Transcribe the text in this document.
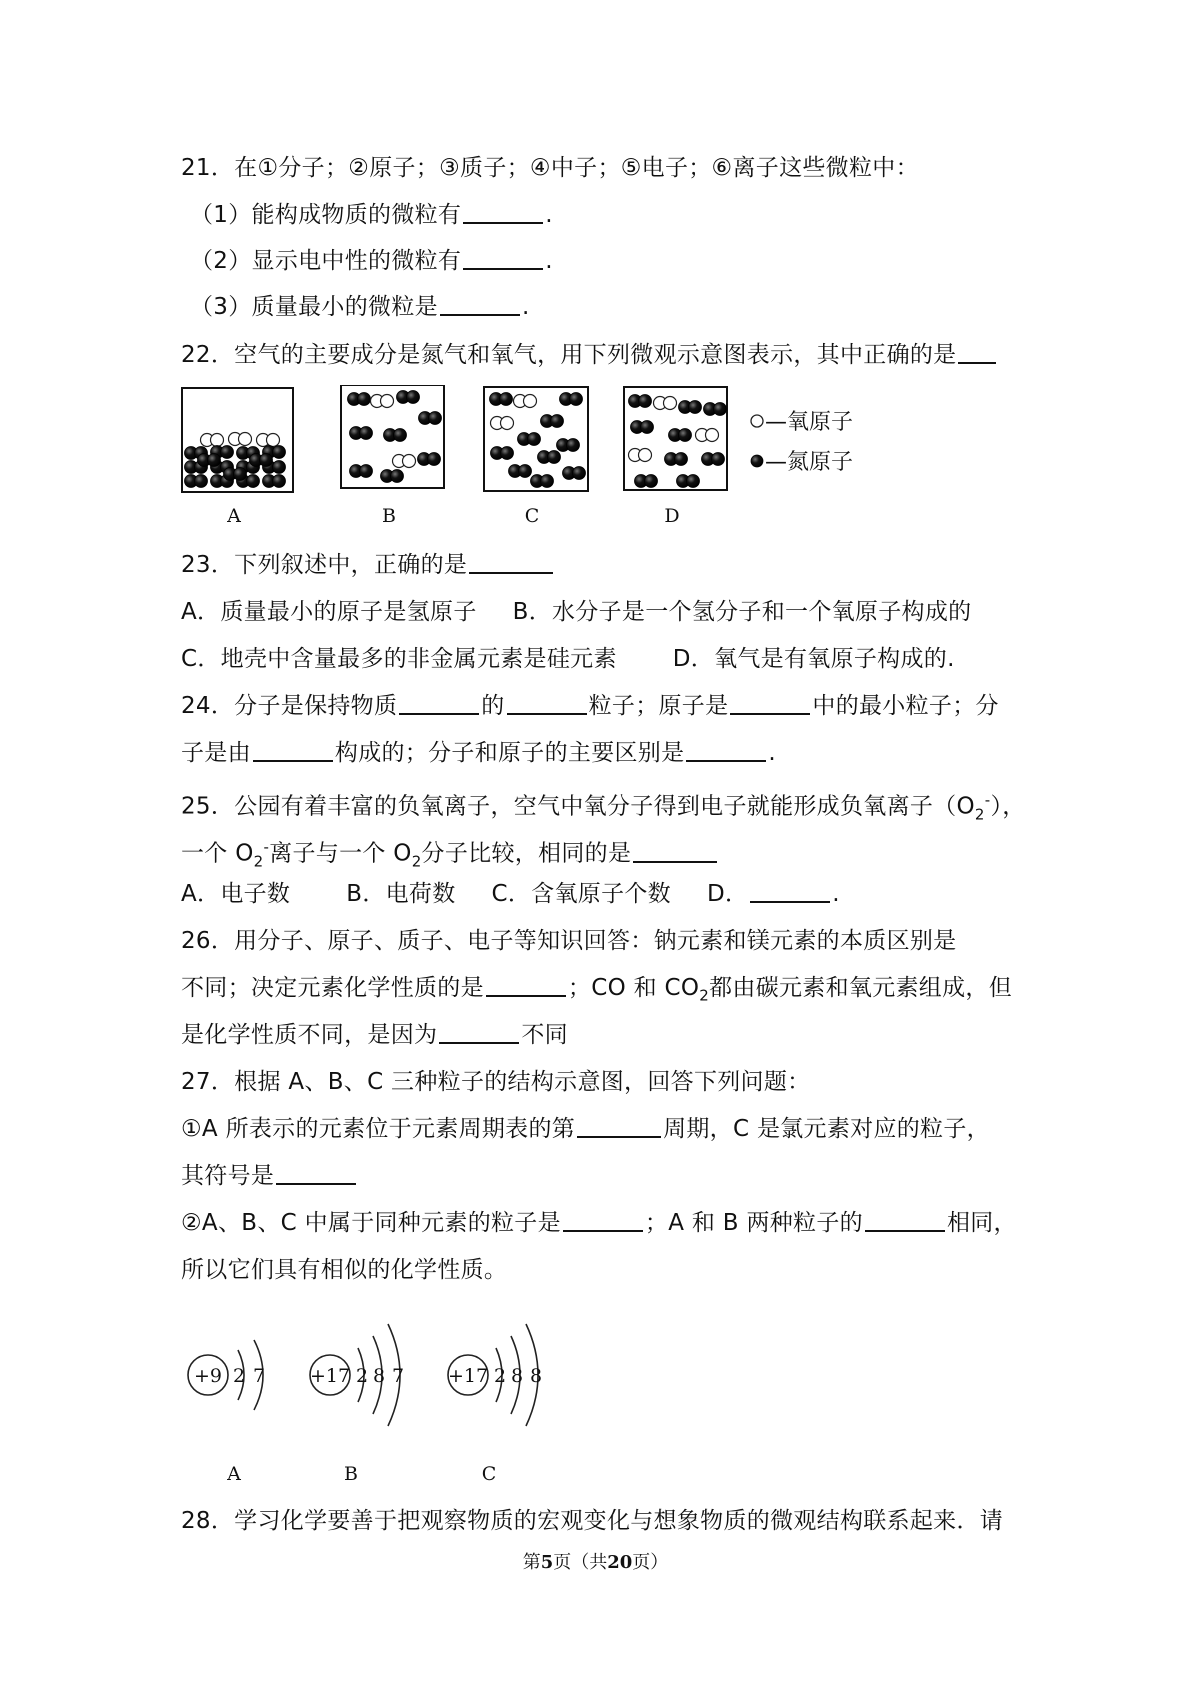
21．在①分子；②原子；③质子；④中子；⑤电子；⑥离子这些微粒中：
（1）能构成物质的微粒有	.
（2）显示电中性的微粒有	.
（3）质量最小的微粒是	.
22．空气的主要成分是氮气和氧气，用下列微观示意图表示，其中正确的是
—氧原子
—氮原子
A	B	C	D
23．下列叙述中，正确的是
A．质量最小的原子是氢原子 B．水分子是一个氢分子和一个氧原子构成的
C．地壳中含量最多的非金属元素是硅元素 D．氧气是有氧原子构成的.
24．分子是保持物质	的	粒子；原子是	中的最小粒子；分
子是由	构成的；分子和原子的主要区别是	.
25．公园有着丰富的负氧离子，空气中氧分子得到电子就能形成负氧离子$(O_2^-)$，
一个 $O_2^-$离子与一个 $O_2$分子比较，相同的是
A．电子数 B．电荷数 C．含氧原子个数 D．	.
26．用分子、原子、质子、电子等知识回答：钠元素和镁元素的本质区别是
不同；决定元素化学性质的是	；CO 和 $CO_2$都由碳元素和氧元素组成，但
是化学性质不同，是因为	不同
27．根据 A、B、C 三种粒子的结构示意图，回答下列问题：
①A 所表示的元素位于元素周期表的第	周期，C 是氯元素对应的粒子，
其符号是
②A、B、C 中属于同种元素的粒子是	；A 和 B 两种粒子的	相同，
所以它们具有相似的化学性质。
+9 2 7 +17 2 8 7 +17 2 8 8
A	B	C
28．学习化学要善于把观察物质的宏观变化与想象物质的微观结构联系起来．请
第5页（共20页）
